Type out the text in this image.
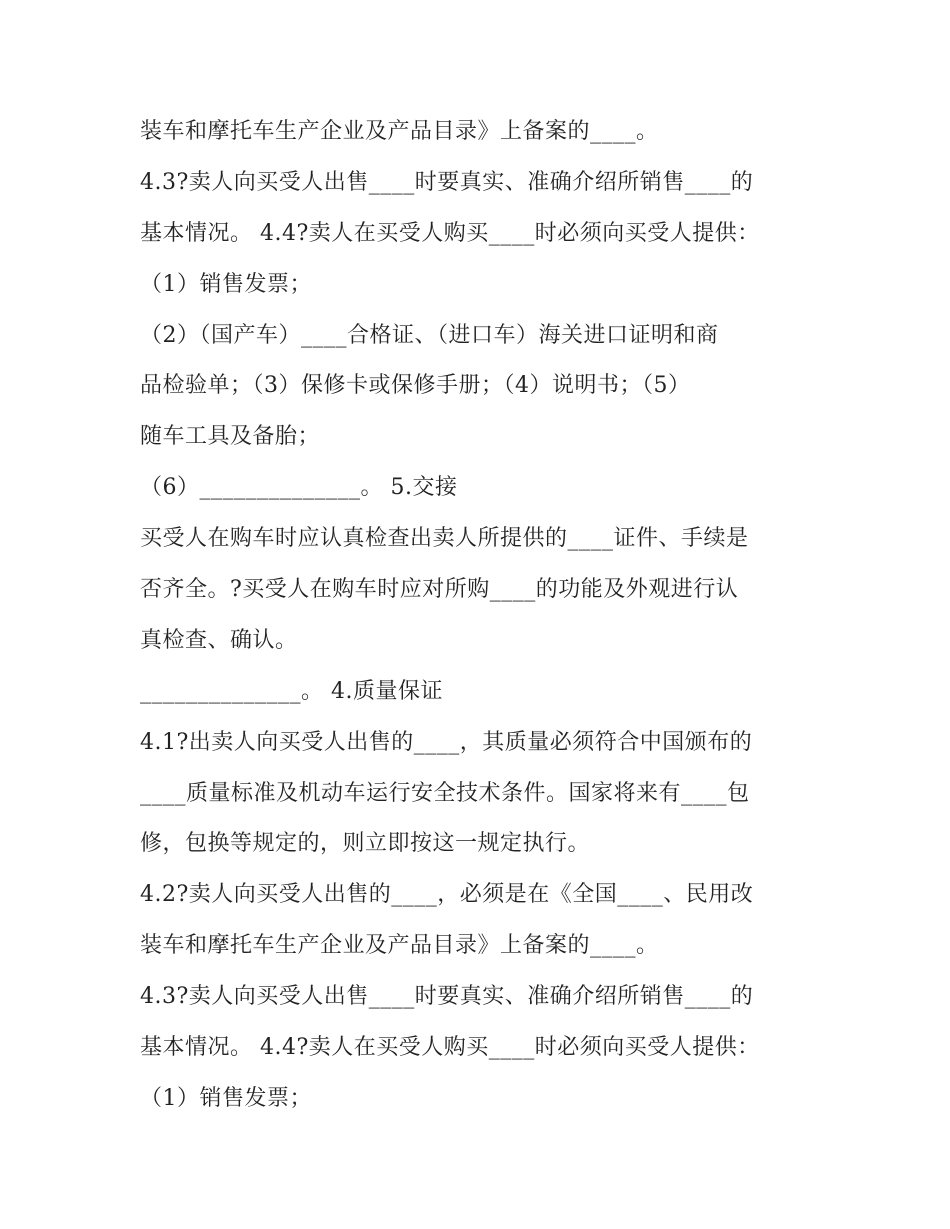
装车和摩托车生产企业及产品目录》上备案的____。
4.3?卖人向买受人出售____时要真实、准确介绍所销售____的
基本情况。 4.4?卖人在买受人购买____时必须向买受人提供：
（1）销售发票；
（2）（国产车）____合格证、（进口车）海关进口证明和商
品检验单；（3）保修卡或保修手册；（4）说明书；（5）
随车工具及备胎；
（6）______________。 5.交接
买受人在购车时应认真检查出卖人所提供的____证件、手续是
否齐全。?买受人在购车时应对所购____的功能及外观进行认
真检查、确认。
______________。 4.质量保证
4.1?出卖人向买受人出售的____，其质量必须符合中国颁布的
____质量标准及机动车运行安全技术条件。国家将来有____包
修，包换等规定的，则立即按这一规定执行。
4.2?卖人向买受人出售的____，必须是在《全国____、民用改
装车和摩托车生产企业及产品目录》上备案的____。
4.3?卖人向买受人出售____时要真实、准确介绍所销售____的
基本情况。 4.4?卖人在买受人购买____时必须向买受人提供：
（1）销售发票；
